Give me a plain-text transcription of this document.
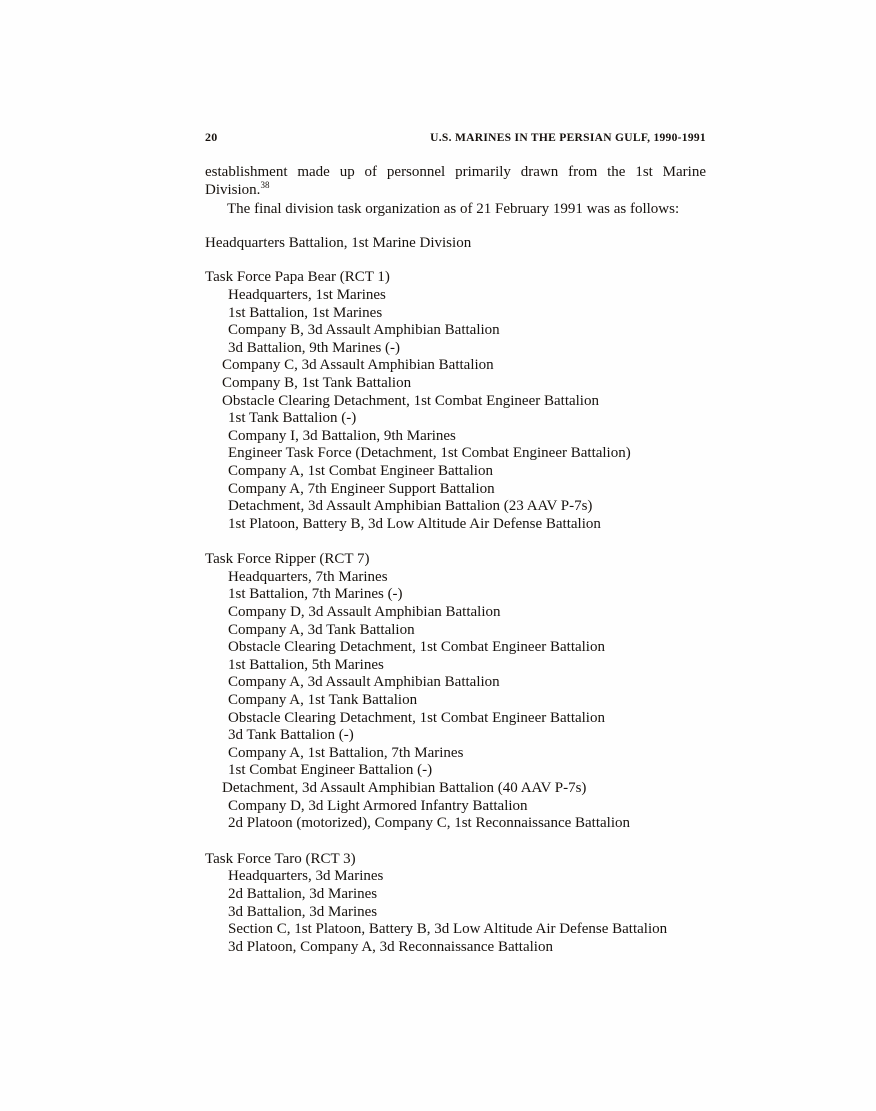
20	U.S. MARINES IN THE PERSIAN GULF, 1990-1991
establishment made up of personnel primarily drawn from the 1st Marine
Division.$^{38}$
The final division task organization as of 21 February 1991 was as follows:
Headquarters Battalion, 1st Marine Division
Task Force Papa Bear (RCT 1)
Headquarters, 1st Marines
1st Battalion, 1st Marines
Company B, 3d Assault Amphibian Battalion
3d Battalion, 9th Marines (-)
Company C, 3d Assault Amphibian Battalion
Company B, 1st Tank Battalion
Obstacle Clearing Detachment, 1st Combat Engineer Battalion
1st Tank Battalion (-)
Company I, 3d Battalion, 9th Marines
Engineer Task Force (Detachment, 1st Combat Engineer Battalion)
Company A, 1st Combat Engineer Battalion
Company A, 7th Engineer Support Battalion
Detachment, 3d Assault Amphibian Battalion (23 AAV P-7s)
1st Platoon, Battery B, 3d Low Altitude Air Defense Battalion
Task Force Ripper (RCT 7)
Headquarters, 7th Marines
1st Battalion, 7th Marines (-)
Company D, 3d Assault Amphibian Battalion
Company A, 3d Tank Battalion
Obstacle Clearing Detachment, 1st Combat Engineer Battalion
1st Battalion, 5th Marines
Company A, 3d Assault Amphibian Battalion
Company A, 1st Tank Battalion
Obstacle Clearing Detachment, 1st Combat Engineer Battalion
3d Tank Battalion (-)
Company A, 1st Battalion, 7th Marines
1st Combat Engineer Battalion (-)
Detachment, 3d Assault Amphibian Battalion (40 AAV P-7s)
Company D, 3d Light Armored Infantry Battalion
2d Platoon (motorized), Company C, 1st Reconnaissance Battalion
Task Force Taro (RCT 3)
Headquarters, 3d Marines
2d Battalion, 3d Marines
3d Battalion, 3d Marines
Section C, 1st Platoon, Battery B, 3d Low Altitude Air Defense Battalion
3d Platoon, Company A, 3d Reconnaissance Battalion
